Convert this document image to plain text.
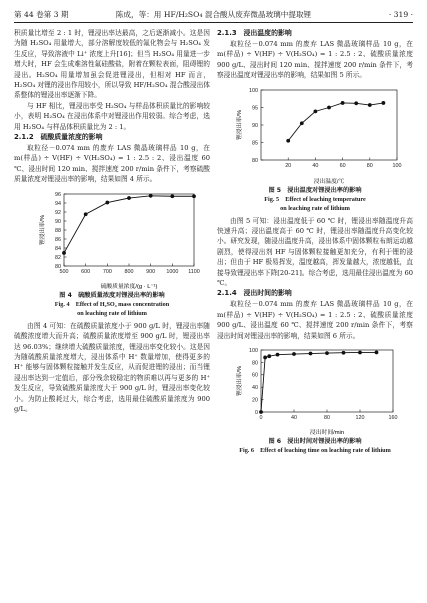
第 44 卷第 3 期	陈成，等：用 HF/H₂SO₄ 混合酸从废弃微晶玻璃中提取锂	· 319 ·

积质量比增至 2 : 1 时，锂浸出率达最高，之后逐渐减小。这是因为随 H₂SO₄ 用量增大，部分溶解度较低的氟化物会与 H₂SO₄ 发生反应，导致溶液中 Li⁺ 浓度上升[16]；但当 H₂SO₄ 用量进一步增大时，HF 会生成难溶性氟硅酸盐，附着在颗粒表面，阻碍锂的浸出。H₂SO₄ 用量增加虽会促进锂浸出，但相对 HF 而言，H₂SO₄ 对锂的浸出作用较小，所以导致 HF/H₂SO₄ 混合酸浸出体系整体的锂浸出率逐渐下降。

与 HF 相比，锂浸出率受 H₂SO₄ 与样品体积质量比的影响较小，表明 H₂SO₄ 在浸出体系中对锂浸出作用较弱。综合考虑，选用 H₂SO₄ 与样品体积质量比为 2 : 1。

2.1.2　硫酸质量浓度的影响

取粒径－0.074 mm 的废弃 LAS 微晶玻璃样品 10 g，在 m(样品) ÷ V(HF) ÷ V(H₂SO₄) = 1 : 2.5 : 2、浸出温度 60 ℃、浸出时间 120 min、搅拌速度 200 r/min 条件下，考察硫酸质量浓度对锂浸出率的影响，结果如图 4 所示。

500 600 700 800 900 1000 1100
80
82
84
86
88
90
92
94
96
硫酸质量浓度/(g · L⁻¹)
锂浸出率/%
图 4　硫酸质量浓度对锂浸出率的影响
Fig. 4　Effect of H₂SO₄ mass concentration
on leaching rate of lithium

由图 4 可知：在硫酸质量浓度小于 900 g/L 时，锂浸出率随硫酸浓度增大而升高；硫酸质量浓度增至 900 g/L 时，锂浸出率达 96.03%；继续增大硫酸质量浓度，锂浸出率变化较小。这是因为随硫酸质量浓度增大，浸出体系中 H⁺ 数量增加，使得更多的 H⁺ 能够与固体颗粒接触并发生反应，从而促进锂的浸出；而当锂浸出率达到一定值后，部分残余较稳定的物质难以再与更多的 H⁺ 发生反应，导致硫酸质量浓度大于 900 g/L 时，锂浸出率变化较小。为防止酸耗过大，综合考虑，选用最佳硫酸质量浓度为 900 g/L。

2.1.3　浸出温度的影响

取粒径－0.074 mm 的废弃 LAS 微晶玻璃样品 10 g，在 m(样品) ÷ V(HF) ÷ V(H₂SO₄) = 1 : 2.5 : 2、硫酸质量浓度 900 g/L、浸出时间 120 min、搅拌速度 200 r/min 条件下，考察浸出温度对锂浸出率的影响，结果如图 5 所示。

20	40	60	80	100
80
85
90
95
100
浸出温度/℃
锂浸出率/%
图 5　浸出温度对锂浸出率的影响
Fig. 5　Effect of leaching temperature
on leaching rate of lithium

由图 5 可知：浸出温度低于 60 ℃ 时，锂浸出率随温度升高快速升高；浸出温度高于 60 ℃ 时，锂浸出率随温度升高变化较小。研究发现，随浸出温度升高，浸出体系中固体颗粒布朗运动越剧烈，使得浸出剂 HF 与固体颗粒接触更加充分，有利于锂的浸出；但由于 HF 极易挥发，温度越高，挥发量越大，浓度越低，直接导致锂浸出率下降[20-21]。综合考虑，选用最佳浸出温度为 60 ℃。

2.1.4　浸出时间的影响

取粒径－0.074 mm 的废弃 LAS 微晶玻璃样品 10 g，在 m(样品) ÷ V(HF) ÷ V(H₂SO₄) = 1 : 2.5 : 2、硫酸质量浓度 900 g/L、浸出温度 60 ℃、搅拌速度 200 r/min 条件下，考察浸出时间对锂浸出率的影响，结果如图 6 所示。

0	40	80	120	160
0
20
40
60
80
100
浸出时间/min
锂浸出率/%
图 6　浸出时间对锂浸出率的影响
Fig. 6　Effect of leaching time on leaching rate of lithium
